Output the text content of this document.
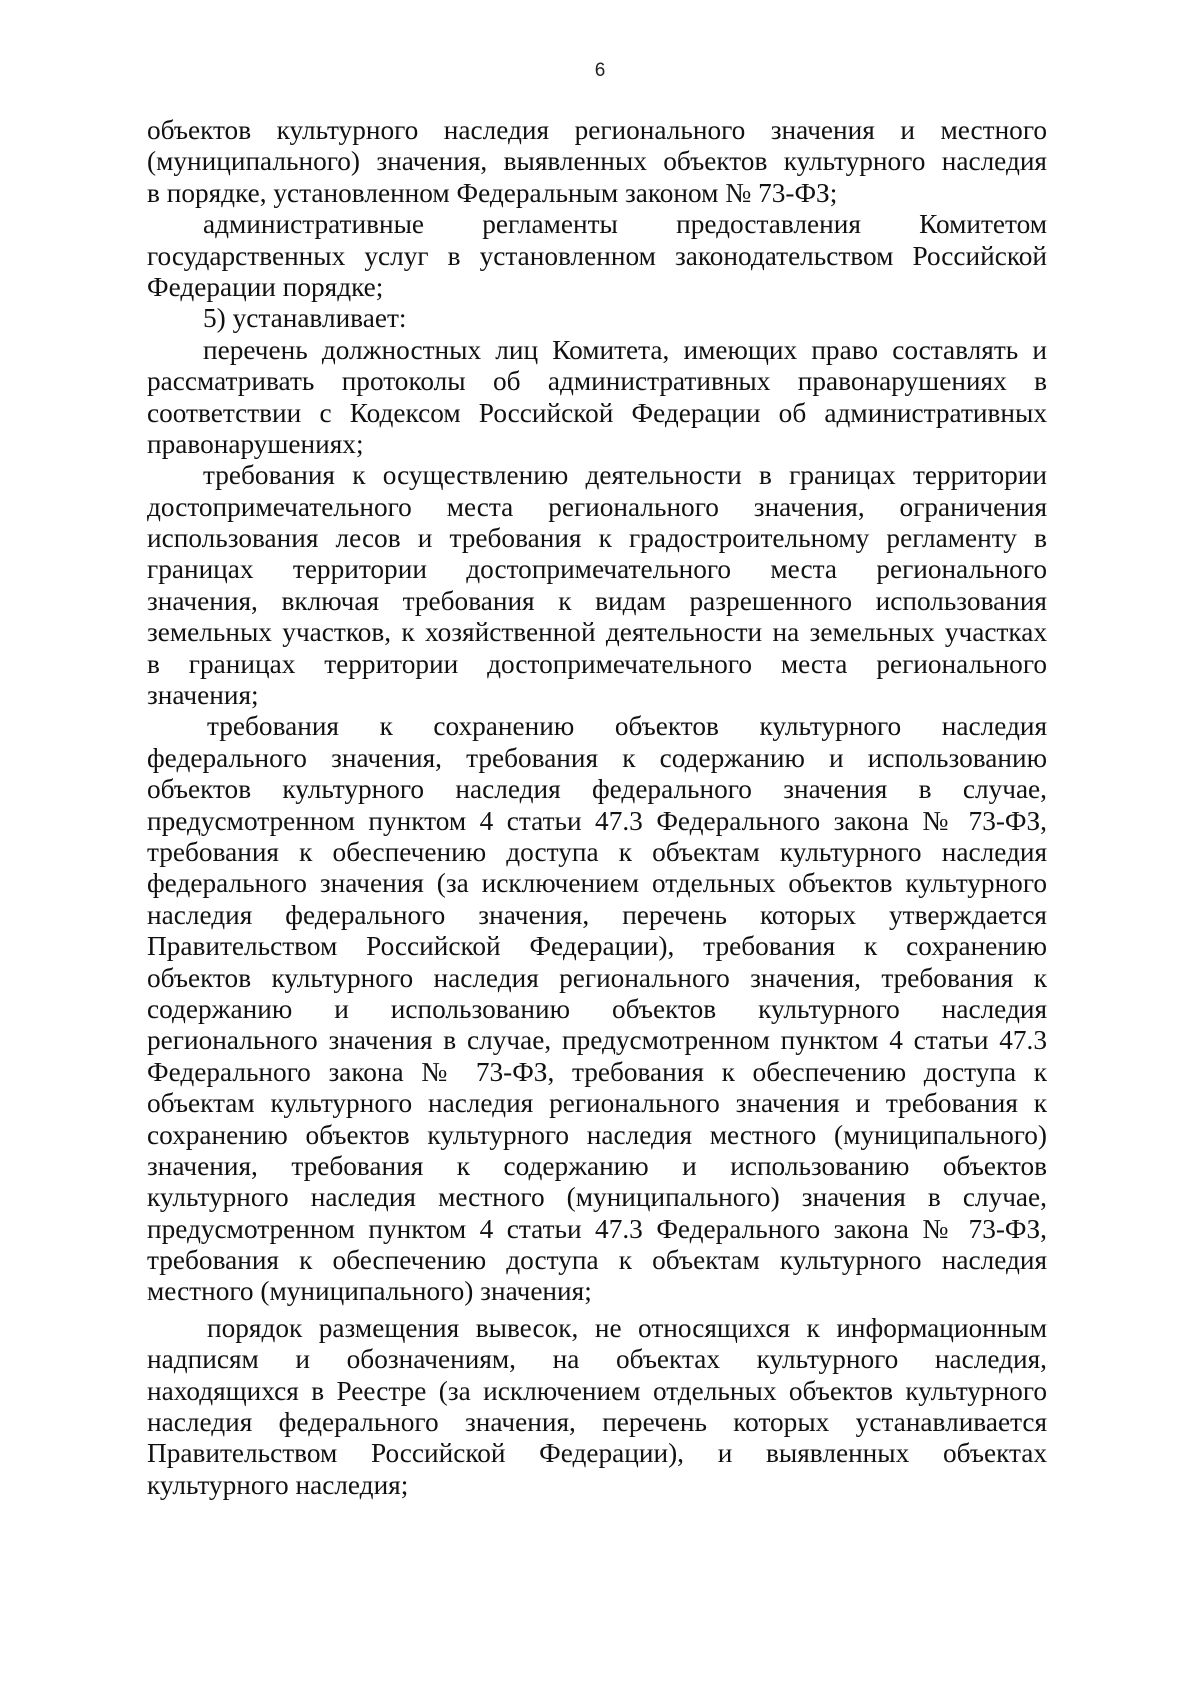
6
объектов культурного наследия регионального значения и местного
(муниципального) значения, выявленных объектов культурного наследия
в порядке, установленном Федеральным законом № 73-ФЗ;
административные регламенты предоставления Комитетом
государственных услуг в установленном законодательством Российской
Федерации порядке;
5) устанавливает:
перечень должностных лиц Комитета, имеющих право составлять и
рассматривать протоколы об административных правонарушениях в
соответствии с Кодексом Российской Федерации об административных
правонарушениях;
требования к осуществлению деятельности в границах территории
достопримечательного места регионального значения, ограничения
использования лесов и требования к градостроительному регламенту в
границах территории достопримечательного места регионального
значения, включая требования к видам разрешенного использования
земельных участков, к хозяйственной деятельности на земельных участках
в границах территории достопримечательного места регионального
значения;
требования к сохранению объектов культурного наследия
федерального значения, требования к содержанию и использованию
объектов культурного наследия федерального значения в случае,
предусмотренном пунктом 4 статьи 47.3 Федерального закона № 73-ФЗ,
требования к обеспечению доступа к объектам культурного наследия
федерального значения (за исключением отдельных объектов культурного
наследия федерального значения, перечень которых утверждается
Правительством Российской Федерации), требования к сохранению
объектов культурного наследия регионального значения, требования к
содержанию и использованию объектов культурного наследия
регионального значения в случае, предусмотренном пунктом 4 статьи 47.3
Федерального закона № 73-ФЗ, требования к обеспечению доступа к
объектам культурного наследия регионального значения и требования к
сохранению объектов культурного наследия местного (муниципального)
значения, требования к содержанию и использованию объектов
культурного наследия местного (муниципального) значения в случае,
предусмотренном пунктом 4 статьи 47.3 Федерального закона № 73-ФЗ,
требования к обеспечению доступа к объектам культурного наследия
местного (муниципального) значения;
порядок размещения вывесок, не относящихся к информационным
надписям и обозначениям, на объектах культурного наследия,
находящихся в Реестре (за исключением отдельных объектов культурного
наследия федерального значения, перечень которых устанавливается
Правительством Российской Федерации), и выявленных объектах
культурного наследия;
